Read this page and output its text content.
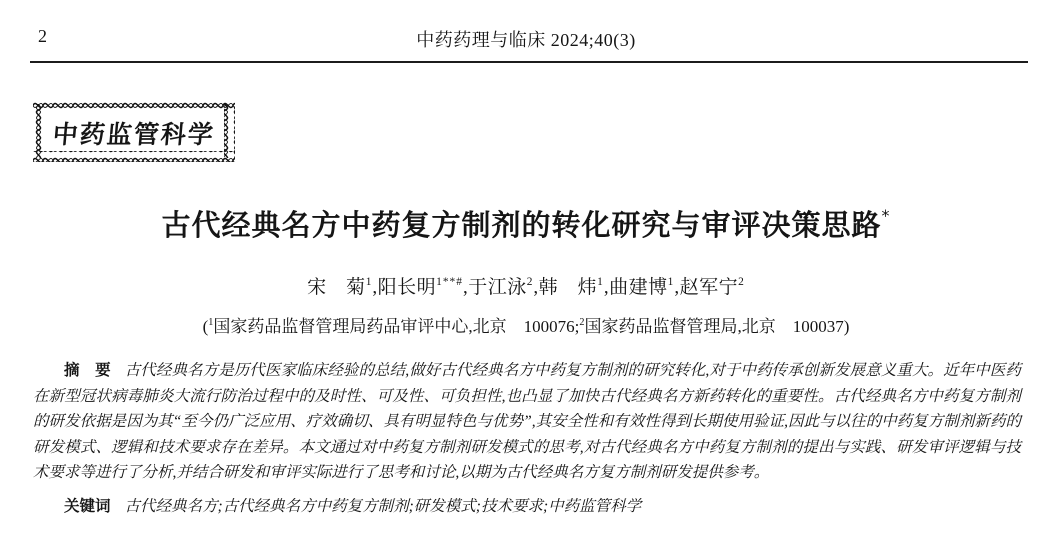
2	中药药理与临床 2024;40(3)
中药监管科学
古代经典名方中药复方制剂的转化研究与审评决策思路*
宋　菊$^1$,阳长明$^{1**\#}$,于江泳$^2$,韩　炜$^1$,曲建博$^1$,赵军宁$^2$
($^1$国家药品监督管理局药品审评中心,北京　100076;$^2$国家药品监督管理局,北京　100037)

摘　要 古代经典名方是历代医家临床经验的总结,做好古代经典名方中药复方制剂的研究转化,对于中药传承创新发展意义重大。近年中医药在新型冠状病毒肺炎大流行防治过程中的及时性、可及性、可负担性,也凸显了加快古代经典名方新药转化的重要性。古代经典名方中药复方制剂的研发依据是因为其“至今仍广泛应用、疗效确切、具有明显特色与优势”,其安全性和有效性得到长期使用验证,因此与以往的中药复方制剂新药的研发模式、逻辑和技术要求存在差异。本文通过对中药复方制剂研发模式的思考,对古代经典名方中药复方制剂的提出与实践、研发审评逻辑与技术要求等进行了分析,并结合研发和审评实际进行了思考和讨论,以期为古代经典名方复方制剂研发提供参考。

关键词 古代经典名方;古代经典名方中药复方制剂;研发模式;技术要求;中药监管科学
